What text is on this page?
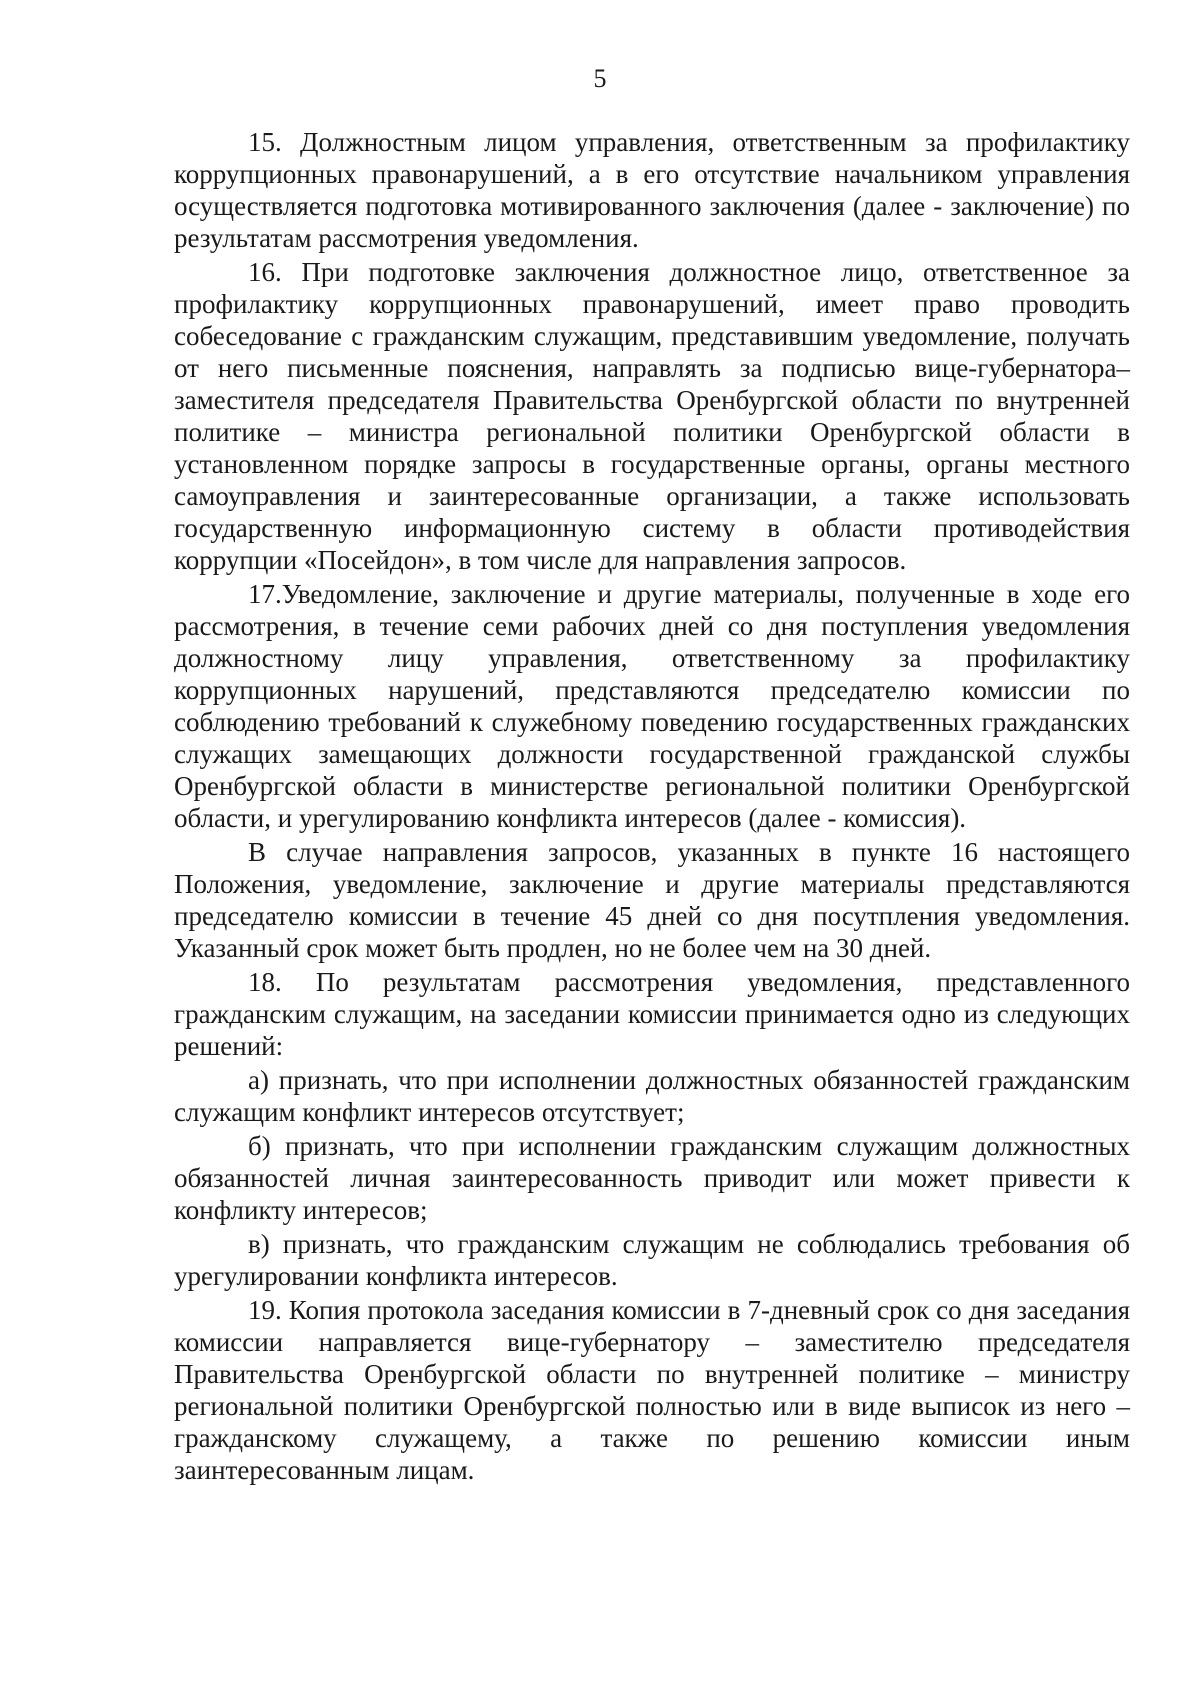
5

15. Должностным лицом управления, ответственным за профилактику коррупционных правонарушений, а в его отсутствие начальником управления осуществляется подготовка мотивированного заключения (далее - заключение) по результатам рассмотрения уведомления.

16. При подготовке заключения должностное лицо, ответственное за профилактику коррупционных правонарушений, имеет право проводить собеседование с гражданским служащим, представившим уведомление, получать от него письменные пояснения, направлять за подписью вице-губернатора–заместителя председателя Правительства Оренбургской области по внутренней политике – министра региональной политики Оренбургской области в установленном порядке запросы в государственные органы, органы местного самоуправления и заинтересованные организации, а также использовать государственную информационную систему в области противодействия коррупции «Посейдон», в том числе для направления запросов.

17.Уведомление, заключение и другие материалы, полученные в ходе его рассмотрения, в течение семи рабочих дней со дня поступления уведомления должностному лицу управления, ответственному за профилактику коррупционных нарушений, представляются председателю комиссии по соблюдению требований к служебному поведению государственных гражданских служащих замещающих должности государственной гражданской службы Оренбургской области в министерстве региональной политики Оренбургской области, и урегулированию конфликта интересов (далее - комиссия).

В случае направления запросов, указанных в пункте 16 настоящего Положения, уведомление, заключение и другие материалы представляются председателю комиссии в течение 45 дней со дня посутпления уведомления. Указанный срок может быть продлен, но не более чем на 30 дней.

18. По результатам рассмотрения уведомления, представленного гражданским служащим, на заседании комиссии принимается одно из следующих решений:

а) признать, что при исполнении должностных обязанностей гражданским служащим конфликт интересов отсутствует;

б) признать, что при исполнении гражданским служащим должностных обязанностей личная заинтересованность приводит или может привести к конфликту интересов;

в) признать, что гражданским служащим не соблюдались требования об урегулировании конфликта интересов.

19. Копия протокола заседания комиссии в 7-дневный срок со дня заседания комиссии направляется вице-губернатору – заместителю председателя Правительства Оренбургской области по внутренней политике – министру региональной политики Оренбургской полностью или в виде выписок из него – гражданскому служащему, а также по решению комиссии иным заинтересованным лицам.
